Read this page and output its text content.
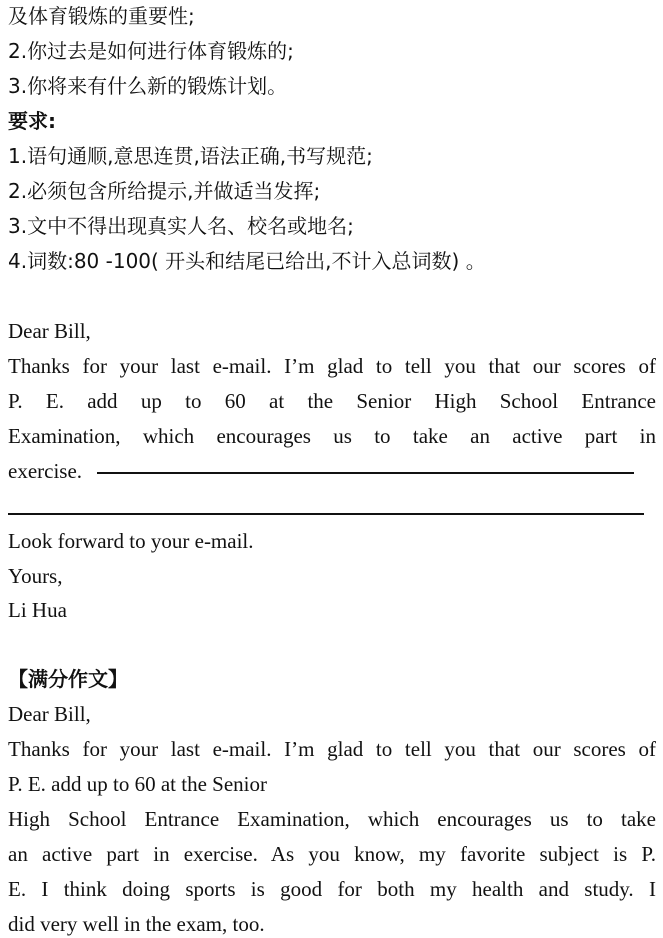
及体育锻炼的重要性;
2.你过去是如何进行体育锻炼的;
3.你将来有什么新的锻炼计划。
要求:
1.语句通顺,意思连贯,语法正确,书写规范;
2.必须包含所给提示,并做适当发挥;
3.文中不得出现真实人名、校名或地名;
4.词数:80 -100( 开头和结尾已给出,不计入总词数) 。
Dear Bill,
Thanks for your last e-mail. I’m glad to tell you that our scores of
P. E. add up to 60 at the Senior High School Entrance
Examination, which encourages us to take an active part in
exercise.
Look forward to your e-mail.
Yours,
Li Hua
【满分作文】
Dear Bill,
Thanks for your last e-mail. I’m glad to tell you that our scores of
P. E. add up to 60 at the Senior
High School Entrance Examination, which encourages us to take
an active part in exercise. As you know, my favorite subject is P.
E. I think doing sports is good for both my health and study. I
did very well in the exam, too.
